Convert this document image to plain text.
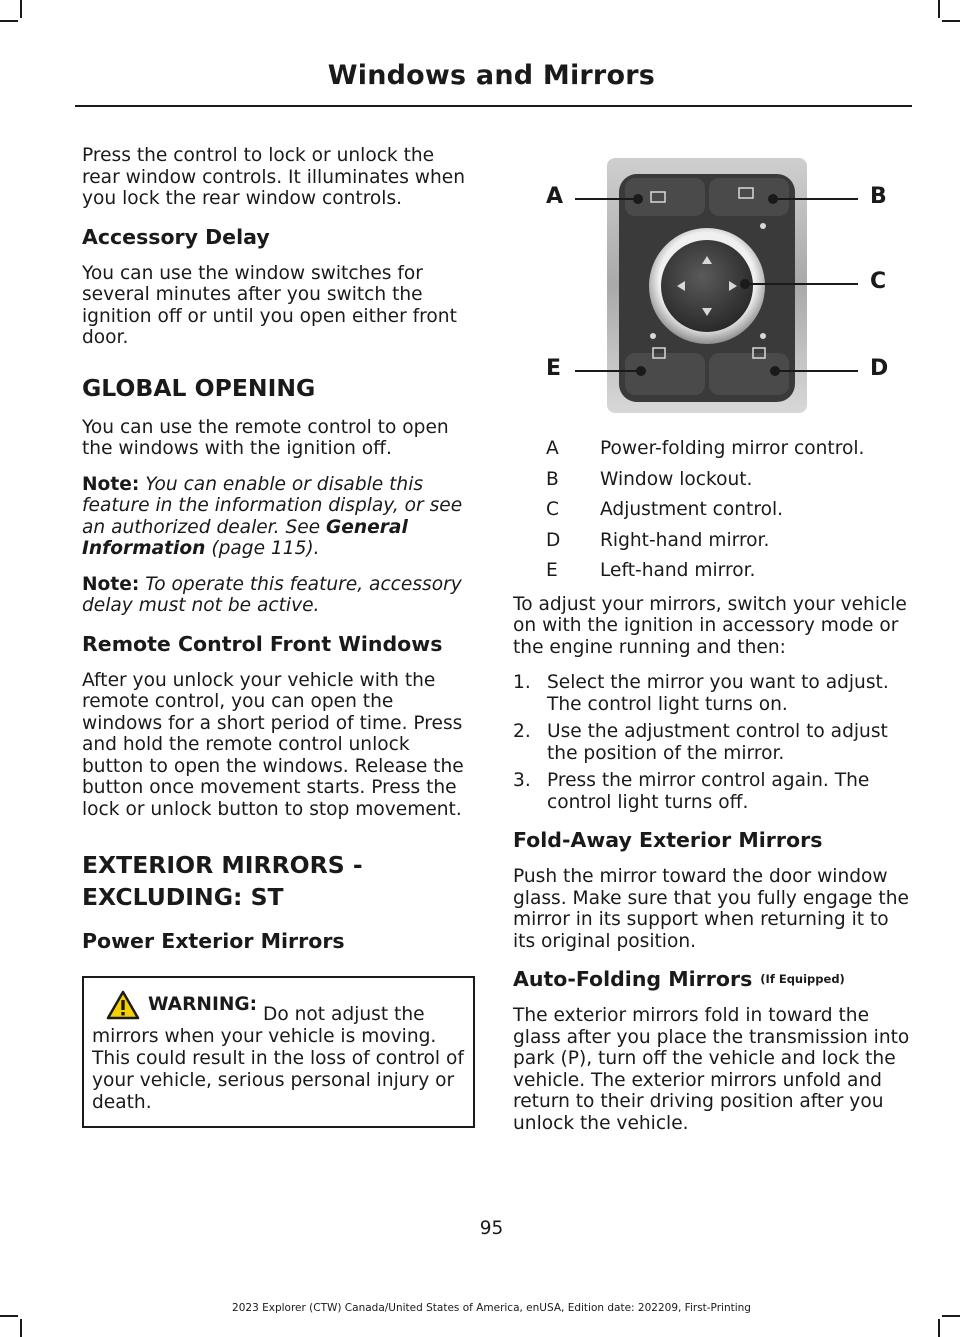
Windows and Mirrors

Press the control to lock or unlock the rear window controls. It illuminates when you lock the rear window controls.

Accessory Delay

You can use the window switches for several minutes after you switch the ignition off or until you open either front door.

GLOBAL OPENING

You can use the remote control to open the windows with the ignition off.

Note: You can enable or disable this feature in the information display, or see an authorized dealer. See General Information (page 115).

Note: To operate this feature, accessory delay must not be active.

Remote Control Front Windows

After you unlock your vehicle with the remote control, you can open the windows for a short period of time. Press and hold the remote control unlock button to open the windows. Release the button once movement starts. Press the lock or unlock button to stop movement.

EXTERIOR MIRRORS -
EXCLUDING: ST
Power Exterior Mirrors
WARNING: Do not adjust the mirrors when your vehicle is moving. This could result in the loss of control of your vehicle, serious personal injury or death.
A	B
C
D
E
A	Power-folding mirror control.
B	Window lockout.
C	Adjustment control.
D	Right-hand mirror.
E	Left-hand mirror.

To adjust your mirrors, switch your vehicle on with the ignition in accessory mode or the engine running and then:

1. Select the mirror you want to adjust. The control light turns on.
2. Use the adjustment control to adjust the position of the mirror.
3. Press the mirror control again. The control light turns off.
Fold-Away Exterior Mirrors

Push the mirror toward the door window glass. Make sure that you fully engage the mirror in its support when returning it to its original position.

Auto-Folding Mirrors (If Equipped)

The exterior mirrors fold in toward the glass after you place the transmission into park (P), turn off the vehicle and lock the vehicle. The exterior mirrors unfold and return to their driving position after you unlock the vehicle.

95

2023 Explorer (CTW) Canada/United States of America, enUSA, Edition date: 202209, First-Printing
